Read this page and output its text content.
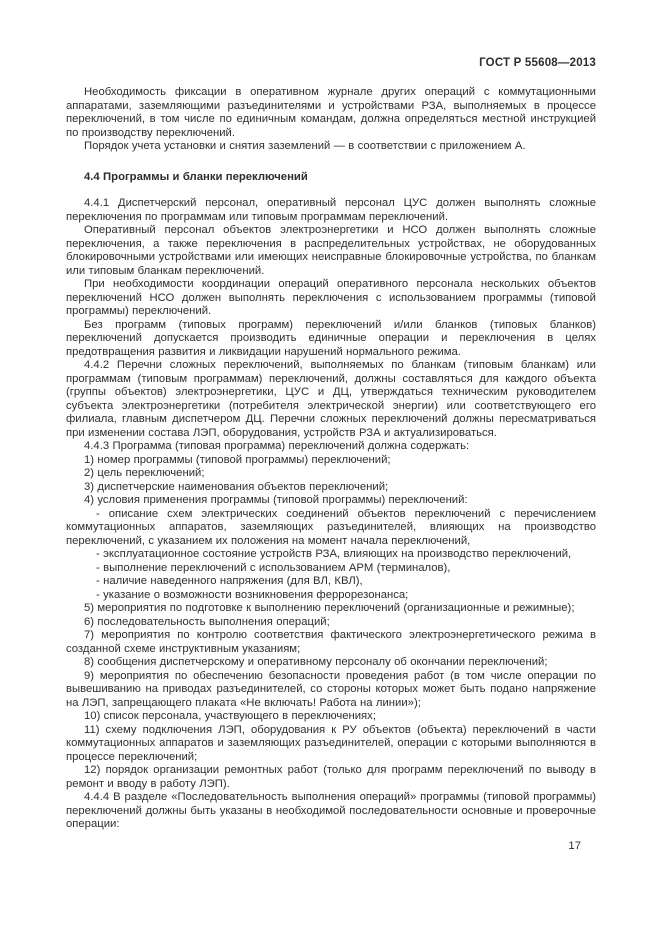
ГОСТ Р 55608—2013

Необходимость фиксации в оперативном журнале других операций с коммутационными аппаратами, заземляющими разъединителями и устройствами РЗА, выполняемых в процессе переключений, в том числе по единичным командам, должна определяться местной инструкцией по производству переключений.

Порядок учета установки и снятия заземлений — в соответствии с приложением А.

4.4 Программы и бланки переключений

4.4.1 Диспетчерский персонал, оперативный персонал ЦУС должен выполнять сложные переключения по программам или типовым программам переключений.

Оперативный персонал объектов электроэнергетики и НСО должен выполнять сложные переключения, а также переключения в распределительных устройствах, не оборудованных блокировочными устройствами или имеющих неисправные блокировочные устройства, по бланкам или типовым бланкам переключений.

При необходимости координации операций оперативного персонала нескольких объектов переключений НСО должен выполнять переключения с использованием программы (типовой программы) переключений.

Без программ (типовых программ) переключений и/или бланков (типовых бланков) переключений допускается производить единичные операции и переключения в целях предотвращения развития и ликвидации нарушений нормального режима.

4.4.2 Перечни сложных переключений, выполняемых по бланкам (типовым бланкам) или программам (типовым программам) переключений, должны составляться для каждого объекта (группы объектов) электроэнергетики, ЦУС и ДЦ, утверждаться техническим руководителем субъекта электроэнергетики (потребителя электрической энергии) или соответствующего его филиала, главным диспетчером ДЦ. Перечни сложных переключений должны пересматриваться при изменении состава ЛЭП, оборудования, устройств РЗА и актуализироваться.

4.4.3 Программа (типовая программа) переключений должна содержать:

1) номер программы (типовой программы) переключений;

2) цель переключений;

3) диспетчерские наименования объектов переключений;

4) условия применения программы (типовой программы) переключений:

- описание схем электрических соединений объектов переключений с перечислением коммутационных аппаратов, заземляющих разъединителей, влияющих на производство переключений, с указанием их положения на момент начала переключений,

- эксплуатационное состояние устройств РЗА, влияющих на производство переключений,

- выполнение переключений с использованием АРМ (терминалов),

- наличие наведенного напряжения (для ВЛ, КВЛ),

- указание о возможности возникновения феррорезонанса;

5) мероприятия по подготовке к выполнению переключений (организационные и режимные);

6) последовательность выполнения операций;

7) мероприятия по контролю соответствия фактического электроэнергетического режима в созданной схеме инструктивным указаниям;

8) сообщения диспетчерскому и оперативному персоналу об окончании переключений;

9) мероприятия по обеспечению безопасности проведения работ (в том числе операции по вывешиванию на приводах разъединителей, со стороны которых может быть подано напряжение на ЛЭП, запрещающего плаката «Не включать! Работа на линии»);

10) список персонала, участвующего в переключениях;

11) схему подключения ЛЭП, оборудования к РУ объектов (объекта) переключений в части коммутационных аппаратов и заземляющих разъединителей, операции с которыми выполняются в процессе переключений;

12) порядок организации ремонтных работ (только для программ переключений по выводу в ремонт и вводу в работу ЛЭП).

4.4.4 В разделе «Последовательность выполнения операций» программы (типовой программы) переключений должны быть указаны в необходимой последовательности основные и проверочные операции:

17
